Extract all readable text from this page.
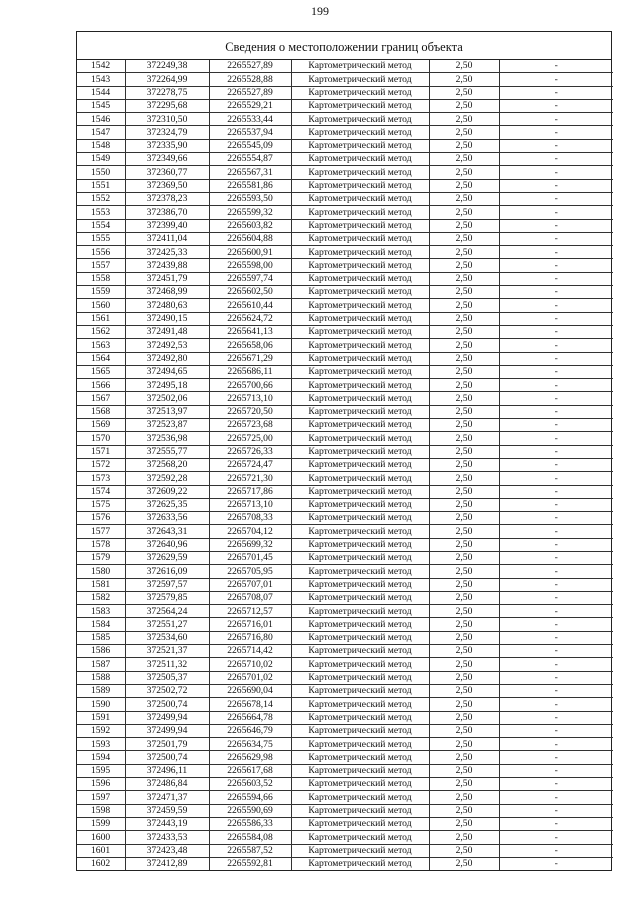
199
Сведения о местоположении границ объекта
1542	372249,38	2265527,89	Картометрический метод	2,50	-
1543	372264,99	2265528,88	Картометрический метод	2,50	-
1544	372278,75	2265527,89	Картометрический метод	2,50	-
1545	372295,68	2265529,21	Картометрический метод	2,50	-
1546	372310,50	2265533,44	Картометрический метод	2,50	-
1547	372324,79	2265537,94	Картометрический метод	2,50	-
1548	372335,90	2265545,09	Картометрический метод	2,50	-
1549	372349,66	2265554,87	Картометрический метод	2,50	-
1550	372360,77	2265567,31	Картометрический метод	2,50	-
1551	372369,50	2265581,86	Картометрический метод	2,50	-
1552	372378,23	2265593,50	Картометрический метод	2,50	-
1553	372386,70	2265599,32	Картометрический метод	2,50	-
1554	372399,40	2265603,82	Картометрический метод	2,50	-
1555	372411,04	2265604,88	Картометрический метод	2,50	-
1556	372425,33	2265600,91	Картометрический метод	2,50	-
1557	372439,88	2265598,00	Картометрический метод	2,50	-
1558	372451,79	2265597,74	Картометрический метод	2,50	-
1559	372468,99	2265602,50	Картометрический метод	2,50	-
1560	372480,63	2265610,44	Картометрический метод	2,50	-
1561	372490,15	2265624,72	Картометрический метод	2,50	-
1562	372491,48	2265641,13	Картометрический метод	2,50	-
1563	372492,53	2265658,06	Картометрический метод	2,50	-
1564	372492,80	2265671,29	Картометрический метод	2,50	-
1565	372494,65	2265686,11	Картометрический метод	2,50	-
1566	372495,18	2265700,66	Картометрический метод	2,50	-
1567	372502,06	2265713,10	Картометрический метод	2,50	-
1568	372513,97	2265720,50	Картометрический метод	2,50	-
1569	372523,87	2265723,68	Картометрический метод	2,50	-
1570	372536,98	2265725,00	Картометрический метод	2,50	-
1571	372555,77	2265726,33	Картометрический метод	2,50	-
1572	372568,20	2265724,47	Картометрический метод	2,50	-
1573	372592,28	2265721,30	Картометрический метод	2,50	-
1574	372609,22	2265717,86	Картометрический метод	2,50	-
1575	372625,35	2265713,10	Картометрический метод	2,50	-
1576	372633,56	2265708,33	Картометрический метод	2,50	-
1577	372643,31	2265704,12	Картометрический метод	2,50	-
1578	372640,96	2265699,32	Картометрический метод	2,50	-
1579	372629,59	2265701,45	Картометрический метод	2,50	-
1580	372616,09	2265705,95	Картометрический метод	2,50	-
1581	372597,57	2265707,01	Картометрический метод	2,50	-
1582	372579,85	2265708,07	Картометрический метод	2,50	-
1583	372564,24	2265712,57	Картометрический метод	2,50	-
1584	372551,27	2265716,01	Картометрический метод	2,50	-
1585	372534,60	2265716,80	Картометрический метод	2,50	-
1586	372521,37	2265714,42	Картометрический метод	2,50	-
1587	372511,32	2265710,02	Картометрический метод	2,50	-
1588	372505,37	2265701,02	Картометрический метод	2,50	-
1589	372502,72	2265690,04	Картометрический метод	2,50	-
1590	372500,74	2265678,14	Картометрический метод	2,50	-
1591	372499,94	2265664,78	Картометрический метод	2,50	-
1592	372499,94	2265646,79	Картометрический метод	2,50	-
1593	372501,79	2265634,75	Картометрический метод	2,50	-
1594	372500,74	2265629,98	Картометрический метод	2,50	-
1595	372496,11	2265617,68	Картометрический метод	2,50	-
1596	372486,84	2265603,52	Картометрический метод	2,50	-
1597	372471,37	2265594,66	Картометрический метод	2,50	-
1598	372459,59	2265590,69	Картометрический метод	2,50	-
1599	372443,19	2265586,33	Картометрический метод	2,50	-
1600	372433,53	2265584,08	Картометрический метод	2,50	-
1601	372423,48	2265587,52	Картометрический метод	2,50	-
1602	372412,89	2265592,81	Картометрический метод	2,50	-
